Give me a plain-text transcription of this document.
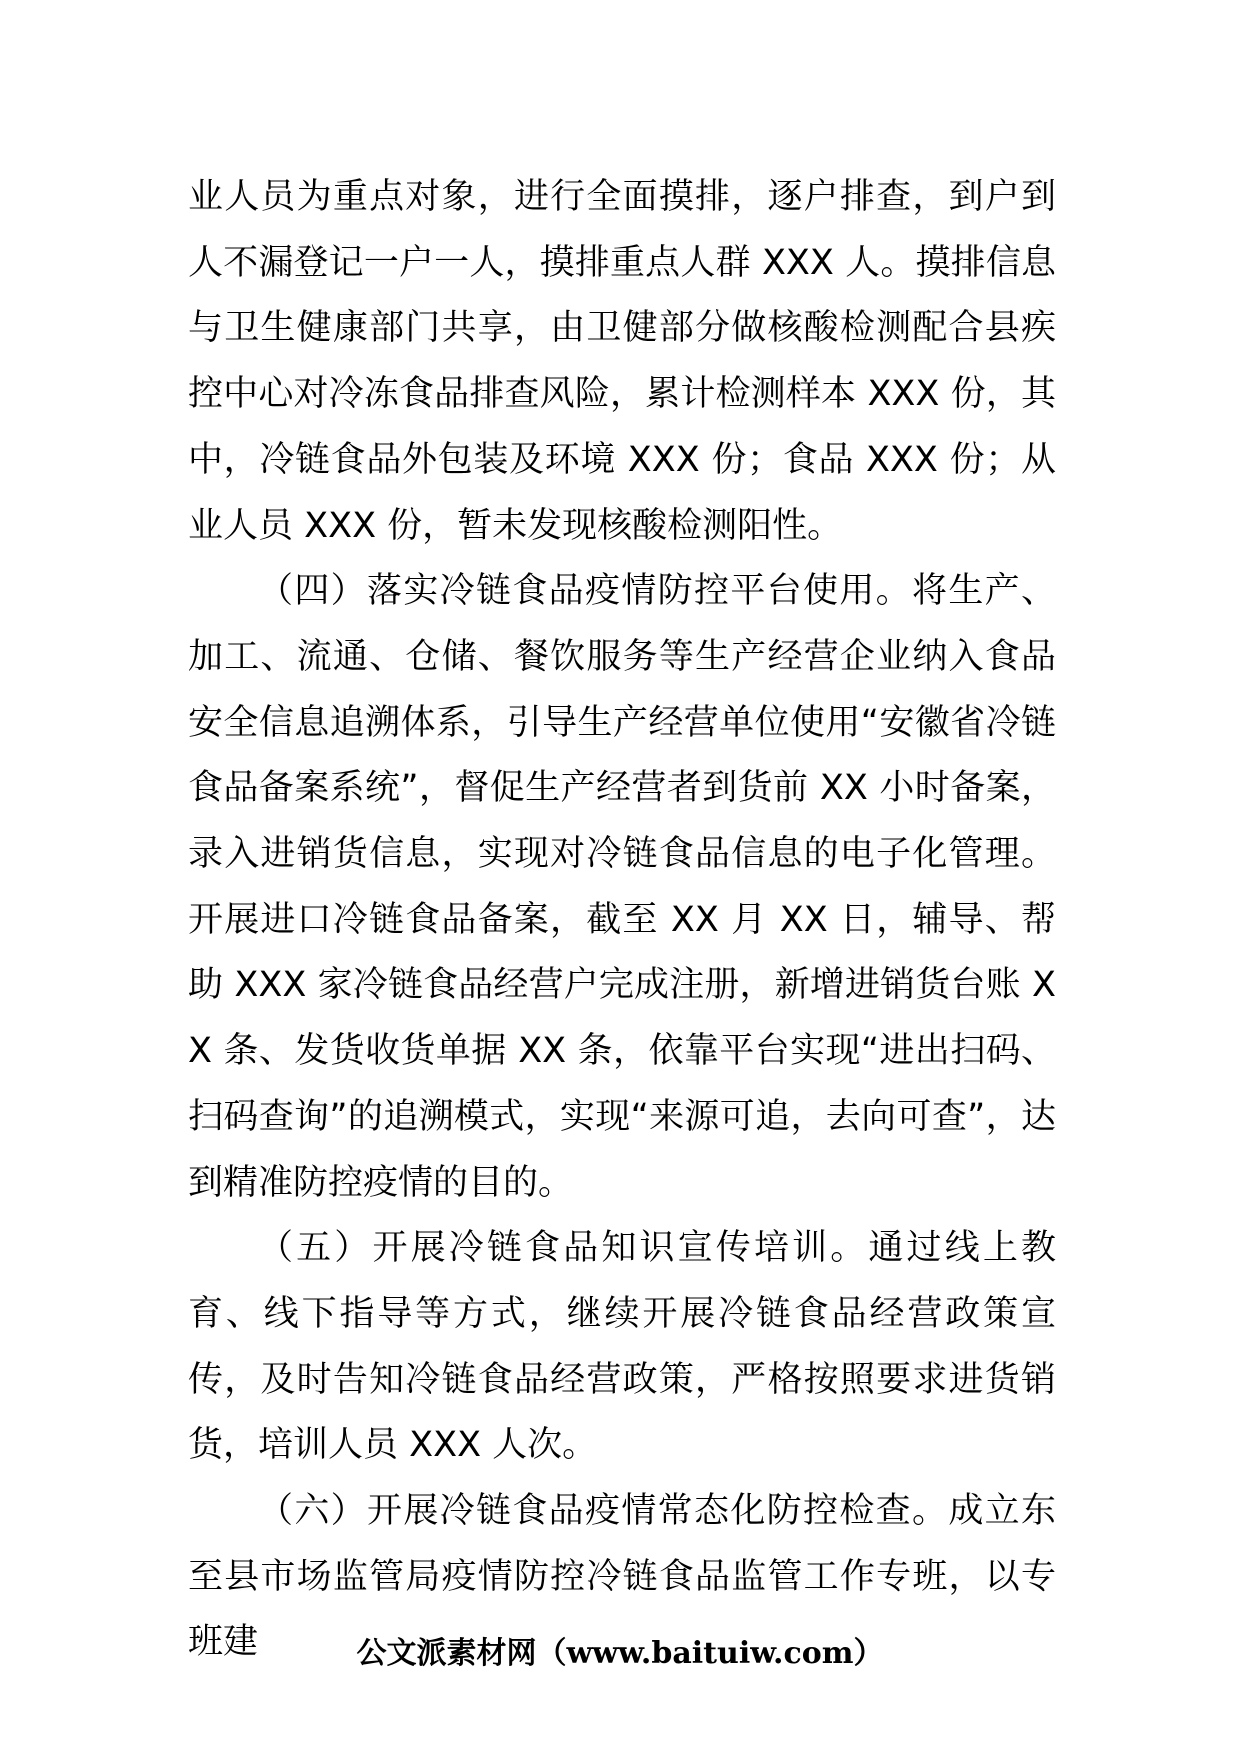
业人员为重点对象，进行全面摸排，逐户排查，到户到人不漏登记一户一人，摸排重点人群 XXX 人。摸排信息与卫生健康部门共享，由卫健部分做核酸检测配合县疾控中心对冷冻食品排查风险，累计检测样本 XXX 份，其中，冷链食品外包装及环境 XXX 份；食品 XXX 份；从业人员 XXX 份，暂未发现核酸检测阳性。

（四）落实冷链食品疫情防控平台使用。将生产、加工、流通、仓储、餐饮服务等生产经营企业纳入食品安全信息追溯体系，引导生产经营单位使用“安徽省冷链食品备案系统”，督促生产经营者到货前 XX 小时备案，录入进销货信息，实现对冷链食品信息的电子化管理。开展进口冷链食品备案，截至 XX 月 XX 日，辅导、帮助 XXX 家冷链食品经营户完成注册，新增进销货台账 XX 条、发货收货单据 XX 条，依靠平台实现“进出扫码、扫码查询”的追溯模式，实现“来源可追，去向可查”，达到精准防控疫情的目的。

（五）开展冷链食品知识宣传培训。通过线上教育、线下指导等方式，继续开展冷链食品经营政策宣传，及时告知冷链食品经营政策，严格按照要求进货销货，培训人员 XXX 人次。

（六）开展冷链食品疫情常态化防控检查。成立东至县市场监管局疫情防控冷链食品监管工作专班，以专班建	公文派素材网（www.baituiw.com）
